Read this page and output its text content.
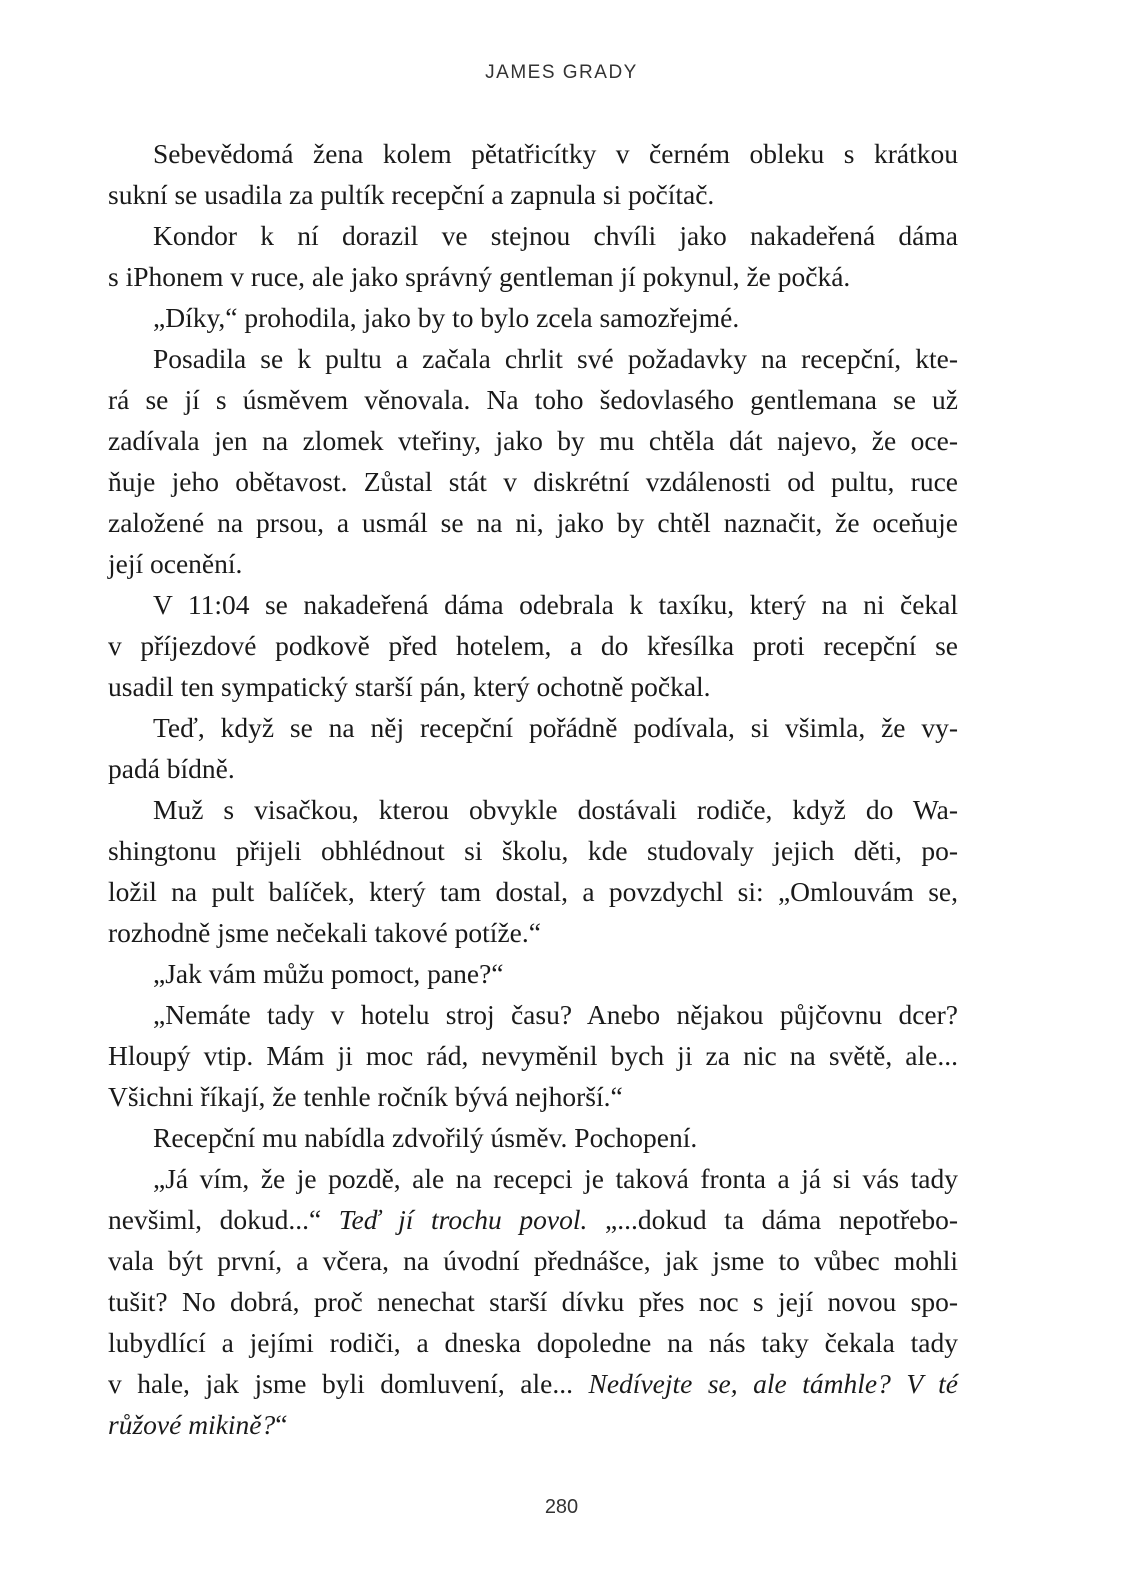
JAMES GRADY
Sebevědomá žena kolem pětatřicítky v černém obleku s krátkou
sukní se usadila za pultík recepční a zapnula si počítač.
Kondor k ní dorazil ve stejnou chvíli jako nakadeřená dáma
s iPhonem v ruce, ale jako správný gentleman jí pokynul, že počká.
„Díky,“ prohodila, jako by to bylo zcela samozřejmé.
Posadila se k pultu a začala chrlit své požadavky na recepční, kte-
rá se jí s úsměvem věnovala. Na toho šedovlasého gentlemana se už
zadívala jen na zlomek vteřiny, jako by mu chtěla dát najevo, že oce-
ňuje jeho obětavost. Zůstal stát v diskrétní vzdálenosti od pultu, ruce
založené na prsou, a usmál se na ni, jako by chtěl naznačit, že oceňuje
její ocenění.
V 11:04 se nakadeřená dáma odebrala k taxíku, který na ni čekal
v příjezdové podkově před hotelem, a do křesílka proti recepční se
usadil ten sympatický starší pán, který ochotně počkal.
Teď, když se na něj recepční pořádně podívala, si všimla, že vy-
padá bídně.
Muž s visačkou, kterou obvykle dostávali rodiče, když do Wa-
shingtonu přijeli obhlédnout si školu, kde studovaly jejich děti, po-
ložil na pult balíček, který tam dostal, a povzdychl si: „Omlouvám se,
rozhodně jsme nečekali takové potíže.“
„Jak vám můžu pomoct, pane?“
„Nemáte tady v hotelu stroj času? Anebo nějakou půjčovnu dcer?
Hloupý vtip. Mám ji moc rád, nevyměnil bych ji za nic na světě, ale...
Všichni říkají, že tenhle ročník bývá nejhorší.“
Recepční mu nabídla zdvořilý úsměv. Pochopení.
„Já vím, že je pozdě, ale na recepci je taková fronta a já si vás tady
nevšiml, dokud...“ Teď jí trochu povol. „...dokud ta dáma nepotřebo-
vala být první, a včera, na úvodní přednášce, jak jsme to vůbec mohli
tušit? No dobrá, proč nenechat starší dívku přes noc s její novou spo-
lubydlící a jejími rodiči, a dneska dopoledne na nás taky čekala tady
v hale, jak jsme byli domluvení, ale... Nedívejte se, ale támhle? V té
růžové mikině?“
280
